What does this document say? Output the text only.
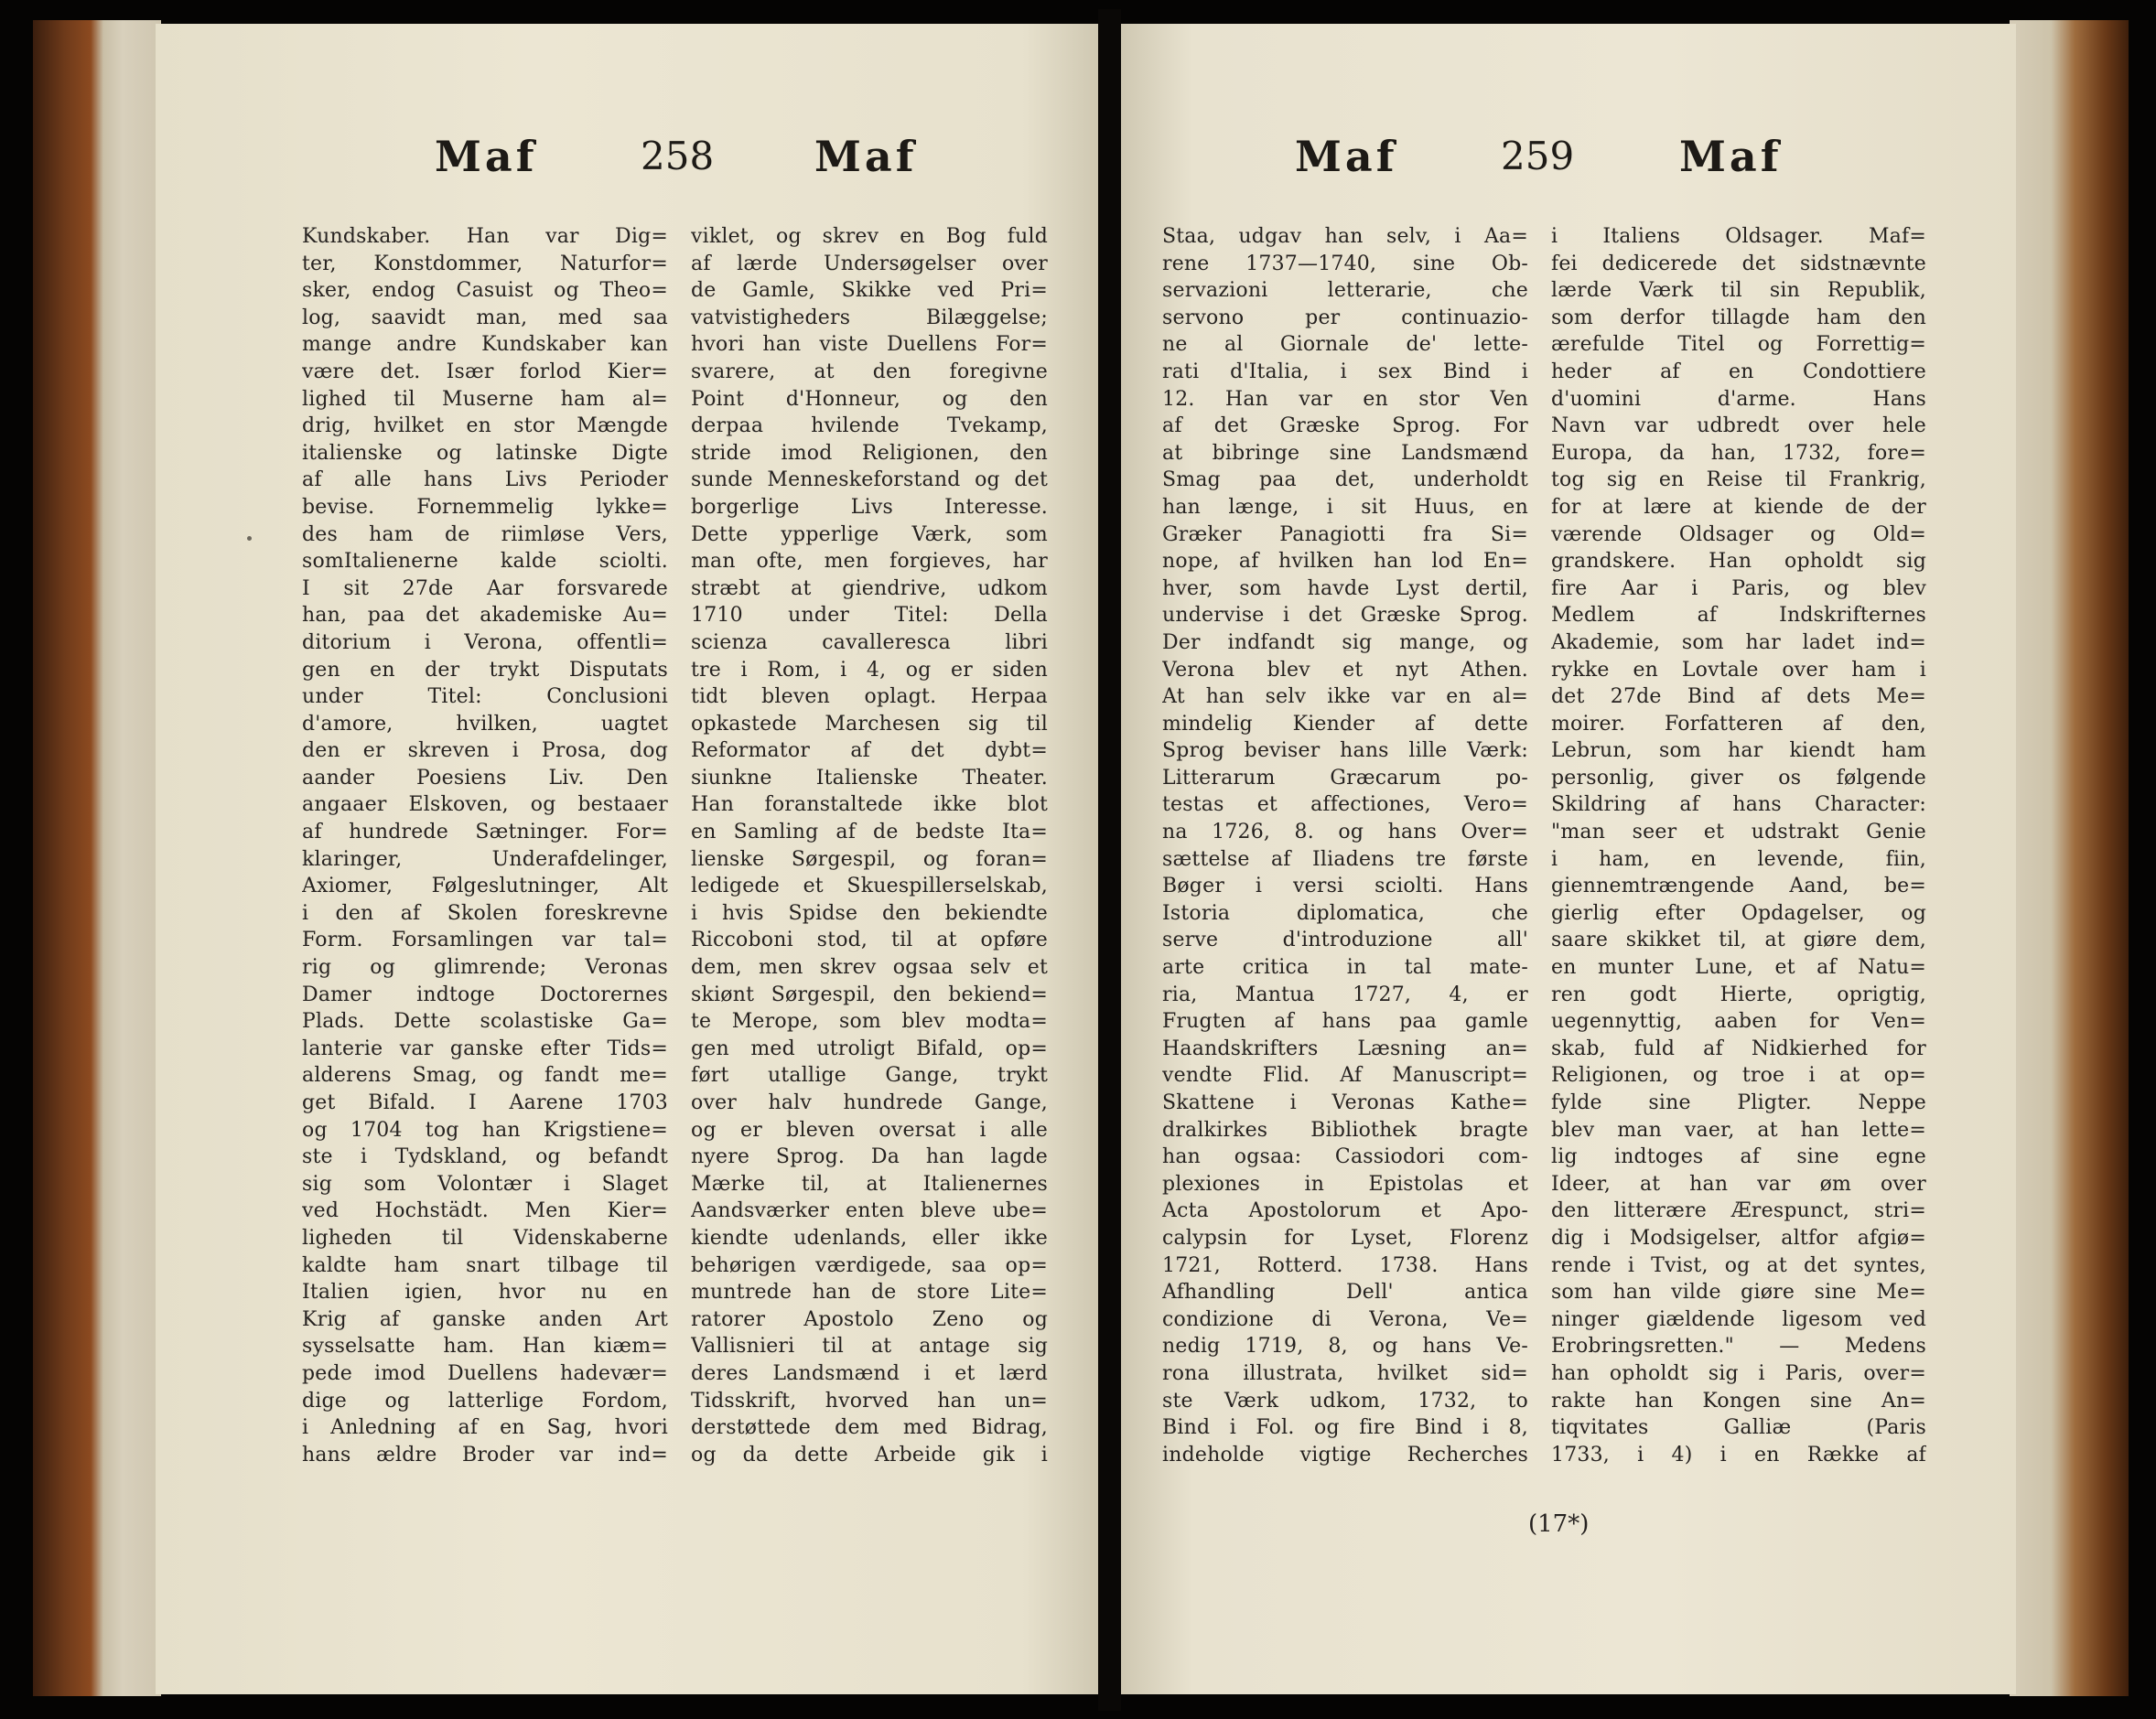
Maf	258 Maf
Kundskaber. Han var Dig=
ter, Konstdommer, Naturfor=
sker, endog Casuist og Theo=
log, saavidt man, med saa
mange andre Kundskaber kan
være det. Især forlod Kier=
lighed til Muserne ham al=
drig, hvilket en stor Mængde
italienske og latinske Digte
af alle hans Livs Perioder
bevise. Fornemmelig lykke=
des ham de riimløse Vers,
somItalienerne kalde sciolti.
I sit 27de Aar forsvarede
han, paa det akademiske Au=
ditorium i Verona, offentli=
gen en der trykt Disputats
under Titel: Conclusioni
d'amore, hvilken, uagtet
den er skreven i Prosa, dog
aander Poesiens Liv. Den
angaaer Elskoven, og bestaaer
af hundrede Sætninger. For=
klaringer, Underafdelinger,
Axiomer, Følgeslutninger, Alt
i den af Skolen foreskrevne
Form. Forsamlingen var tal=
rig og glimrende; Veronas
Damer indtoge Doctorernes
Plads. Dette scolastiske Ga=
lanterie var ganske efter Tids=
alderens Smag, og fandt me=
get Bifald. I Aarene 1703
og 1704 tog han Krigstiene=
ste i Tydskland, og befandt
sig som Volontær i Slaget
ved Hochstädt. Men Kier=
ligheden til Videnskaberne
kaldte ham snart tilbage til
Italien igien, hvor nu en
Krig af ganske anden Art
sysselsatte ham. Han kiæm=
pede imod Duellens hadevær=
dige og latterlige Fordom,
i Anledning af en Sag, hvori
hans ældre Broder var ind=
viklet, og skrev en Bog fuld
af lærde Undersøgelser over
de Gamle, Skikke ved Pri=
vatvistigheders Bilæggelse;
hvori han viste Duellens For=
svarere, at den foregivne
Point d'Honneur, og den
derpaa hvilende Tvekamp,
stride imod Religionen, den
sunde Menneskeforstand og det
borgerlige Livs Interesse.
Dette ypperlige Værk, som
man ofte, men forgieves, har
stræbt at giendrive, udkom
1710 under Titel: Della
scienza cavalleresca libri
tre i Rom, i 4, og er siden
tidt bleven oplagt. Herpaa
opkastede Marchesen sig til
Reformator af det dybt=
siunkne Italienske Theater.
Han foranstaltede ikke blot
en Samling af de bedste Ita=
lienske Sørgespil, og foran=
ledigede et Skuespillerselskab,
i hvis Spidse den bekiendte
Riccoboni stod, til at opføre
dem, men skrev ogsaa selv et
skiønt Sørgespil, den bekiend=
te Merope, som blev modta=
gen med utroligt Bifald, op=
ført utallige Gange, trykt
over halv hundrede Gange,
og er bleven oversat i alle
nyere Sprog. Da han lagde
Mærke til, at Italienernes
Aandsværker enten bleve ube=
kiendte udenlands, eller ikke
behørigen værdigede, saa op=
muntrede han de store Lite=
ratorer Apostolo Zeno og
Vallisnieri til at antage sig
deres Landsmænd i et lærd
Tidsskrift, hvorved han un=
derstøttede dem med Bidrag,
og da dette Arbeide gik i
Maf	259 Maf
Staa, udgav han selv, i Aa=
rene 1737—1740, sine Ob-
servazioni letterarie, che
servono per continuazio-
ne al Giornale de' lette-
rati d'Italia, i sex Bind i
12. Han var en stor Ven
af det Græske Sprog. For
at bibringe sine Landsmænd
Smag paa det, underholdt
han længe, i sit Huus, en
Græker Panagiotti fra Si=
nope, af hvilken han lod En=
hver, som havde Lyst dertil,
undervise i det Græske Sprog.
Der indfandt sig mange, og
Verona blev et nyt Athen.
At han selv ikke var en al=
mindelig Kiender af dette
Sprog beviser hans lille Værk:
Litterarum Græcarum po-
testas et affectiones, Vero=
na 1726, 8. og hans Over=
sættelse af Iliadens tre første
Bøger i versi sciolti. Hans
Istoria diplomatica, che
serve d'introduzione all'
arte critica in tal mate-
ria, Mantua 1727, 4, er
Frugten af hans paa gamle
Haandskrifters Læsning an=
vendte Flid. Af Manuscript=
Skattene i Veronas Kathe=
dralkirkes Bibliothek bragte
han ogsaa: Cassiodori com-
plexiones in Epistolas et
Acta Apostolorum et Apo-
calypsin for Lyset, Florenz
1721, Rotterd. 1738. Hans
Afhandling Dell' antica
condizione di Verona, Ve=
nedig 1719, 8, og hans Ve-
rona illustrata, hvilket sid=
ste Værk udkom, 1732, to
Bind i Fol. og fire Bind i 8,
indeholde vigtige Recherches
i Italiens Oldsager. Maf=
fei dedicerede det sidstnævnte
lærde Værk til sin Republik,
som derfor tillagde ham den
ærefulde Titel og Forrettig=
heder af en Condottiere
d'uomini d'arme. Hans
Navn var udbredt over hele
Europa, da han, 1732, fore=
tog sig en Reise til Frankrig,
for at lære at kiende de der
værende Oldsager og Old=
grandskere. Han opholdt sig
fire Aar i Paris, og blev
Medlem af Indskrifternes
Akademie, som har ladet ind=
rykke en Lovtale over ham i
det 27de Bind af dets Me=
moirer. Forfatteren af den,
Lebrun, som har kiendt ham
personlig, giver os følgende
Skildring af hans Character:
"man seer et udstrakt Genie
i ham, en levende, fiin,
giennemtrængende Aand, be=
gierlig efter Opdagelser, og
saare skikket til, at giøre dem,
en munter Lune, et af Natu=
ren godt Hierte, oprigtig,
uegennyttig, aaben for Ven=
skab, fuld af Nidkierhed for
Religionen, og troe i at op=
fylde sine Pligter. Neppe
blev man vaer, at han lette=
lig indtoges af sine egne
Ideer, at han var øm over
den litterære Ærespunct, stri=
dig i Modsigelser, altfor afgiø=
rende i Tvist, og at det syntes,
som han vilde giøre sine Me=
ninger giældende ligesom ved
Erobringsretten." — Medens
han opholdt sig i Paris, over=
rakte han Kongen sine An=
tiqvitates Galliæ (Paris
1733, i 4) i en Række af
(17*)
